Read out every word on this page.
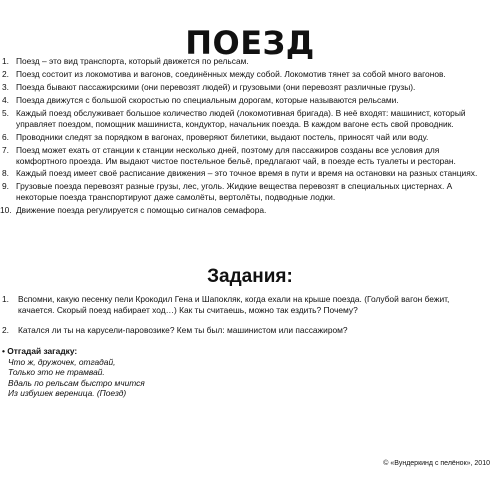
ПОЕЗД
1. Поезд – это вид транспорта, который движется по рельсам.
2. Поезд состоит из локомотива и вагонов, соединённых между собой. Локомотив тянет за собой много вагонов.
3. Поезда бывают пассажирскими (они перевозят людей) и грузовыми (они перевозят различные грузы).
4. Поезда движутся с большой скоростью по специальным дорогам, которые называются рельсами.
5. Каждый поезд обслуживает большое количество людей (локомотивная бригада). В неё входят: машинист, который управляет поездом, помощник машиниста, кондуктор, начальник поезда. В каждом вагоне есть свой проводник.
6. Проводники следят за порядком в вагонах, проверяют билетики, выдают постель, приносят чай или воду.
7. Поезд может ехать от станции к станции несколько дней, поэтому для пассажиров созданы все условия для комфортного проезда. Им выдают чистое постельное бельё, предлагают чай, в поезде есть туалеты и ресторан.
8. Каждый поезд имеет своё расписание движения – это точное время в пути и время на остановки на разных станциях.
9. Грузовые поезда перевозят разные грузы, лес, уголь. Жидкие вещества перевозят в специальных цистернах. А некоторые поезда транспортируют даже самолёты, вертолёты, подводные лодки.
10. Движение поезда регулируется с помощью сигналов семафора.
Задания:
1. Вспомни, какую песенку пели Крокодил Гена и Шапокляк, когда ехали на крыше поезда. (Голубой вагон бежит, качается. Скорый поезд набирает ход…) Как ты считаешь, можно так ездить? Почему?
2. Катался ли ты на карусели-паровозике? Кем ты был: машинистом или пассажиром?
• Отгадай загадку:
Что ж, дружочек, отгадай,
Только это не трамвай.
Вдаль по рельсам быстро мчится
Из избушек вереница. (Поезд)
© «Вундеркинд с пелёнок», 2010
